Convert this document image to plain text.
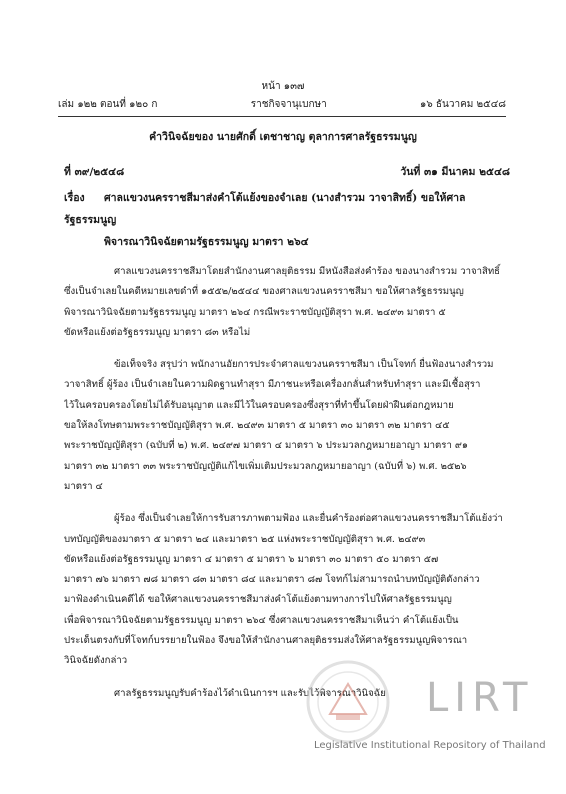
หน้า ๑๓๗
เล่ม ๑๒๒ ตอนที่ ๑๒๐ ก	ราชกิจจานุเบกษา	๑๖ ธันวาคม ๒๕๔๘
คำวินิจฉัยของ นายศักดิ์ เตชาชาญ ตุลาการศาลรัฐธรรมนูญ
ที่ ๓๙/๒๕๔๘	วันที่ ๓๑ มีนาคม ๒๕๔๘
เรื่อง ศาลแขวงนครราชสีมาส่งคำโต้แย้งของจำเลย (นางสำรวม วาจาสิทธิ์) ขอให้ศาลรัฐธรรมนูญ
พิจารณาวินิจฉัยตามรัฐธรรมนูญ มาตรา ๒๖๔
ศาลแขวงนครราชสีมาโดยสำนักงานศาลยุติธรรม มีหนังสือส่งคำร้อง ของนางสำรวม วาจาสิทธิ์
ซึ่งเป็นจำเลยในคดีหมายเลขดำที่ ๑๕๕๒/๒๕๔๔ ของศาลแขวงนครราชสีมา ขอให้ศาลรัฐธรรมนูญ
พิจารณาวินิจฉัยตามรัฐธรรมนูญ มาตรา ๒๖๔ กรณีพระราชบัญญัติสุรา พ.ศ. ๒๔๙๓ มาตรา ๕
ขัดหรือแย้งต่อรัฐธรรมนูญ มาตรา ๘๓ หรือไม่
ข้อเท็จจริง สรุปว่า พนักงานอัยการประจำศาลแขวงนครราชสีมา เป็นโจทก์ ยื่นฟ้องนางสำรวม
วาจาสิทธิ์ ผู้ร้อง เป็นจำเลยในความผิดฐานทำสุรา มีภาชนะหรือเครื่องกลั่นสำหรับทำสุรา และมีเชื้อสุรา
ไว้ในครอบครองโดยไม่ได้รับอนุญาต และมีไว้ในครอบครองซึ่งสุราที่ทำขึ้นโดยฝ่าฝืนต่อกฎหมาย
ขอให้ลงโทษตามพระราชบัญญัติสุรา พ.ศ. ๒๔๙๓ มาตรา ๕ มาตรา ๓๐ มาตรา ๓๒ มาตรา ๔๕
พระราชบัญญัติสุรา (ฉบับที่ ๒) พ.ศ. ๒๔๙๗ มาตรา ๔ มาตรา ๖ ประมวลกฎหมายอาญา มาตรา ๙๑
มาตรา ๓๒ มาตรา ๓๓ พระราชบัญญัติแก้ไขเพิ่มเติมประมวลกฎหมายอาญา (ฉบับที่ ๖) พ.ศ. ๒๕๒๖
มาตรา ๔
ผู้ร้อง ซึ่งเป็นจำเลยให้การรับสารภาพตามฟ้อง และยื่นคำร้องต่อศาลแขวงนครราชสีมาโต้แย้งว่า
บทบัญญัติของมาตรา ๕ มาตรา ๒๔ และมาตรา ๒๕ แห่งพระราชบัญญัติสุรา พ.ศ. ๒๔๙๓
ขัดหรือแย้งต่อรัฐธรรมนูญ มาตรา ๔ มาตรา ๕ มาตรา ๖ มาตรา ๓๐ มาตรา ๕๐ มาตรา ๕๗
มาตรา ๗๖ มาตรา ๗๘ มาตรา ๘๓ มาตรา ๘๔ และมาตรา ๘๗ โจทก์ไม่สามารถนำบทบัญญัติดังกล่าว
มาฟ้องดำเนินคดีได้ ขอให้ศาลแขวงนครราชสีมาส่งคำโต้แย้งตามทางการไปให้ศาลรัฐธรรมนูญ
เพื่อพิจารณาวินิจฉัยตามรัฐธรรมนูญ มาตรา ๒๖๔ ซึ่งศาลแขวงนครราชสีมาเห็นว่า คำโต้แย้งเป็น
ประเด็นตรงกับที่โจทก์บรรยายในฟ้อง จึงขอให้สำนักงานศาลยุติธรรมส่งให้ศาลรัฐธรรมนูญพิจารณา
วินิจฉัยดังกล่าว
ศาลรัฐธรรมนูญรับคำร้องไว้ดำเนินการฯ และรับไว้พิจารณาวินิจฉัย	LIRT
Legislative Institutional Repository of Thailand
